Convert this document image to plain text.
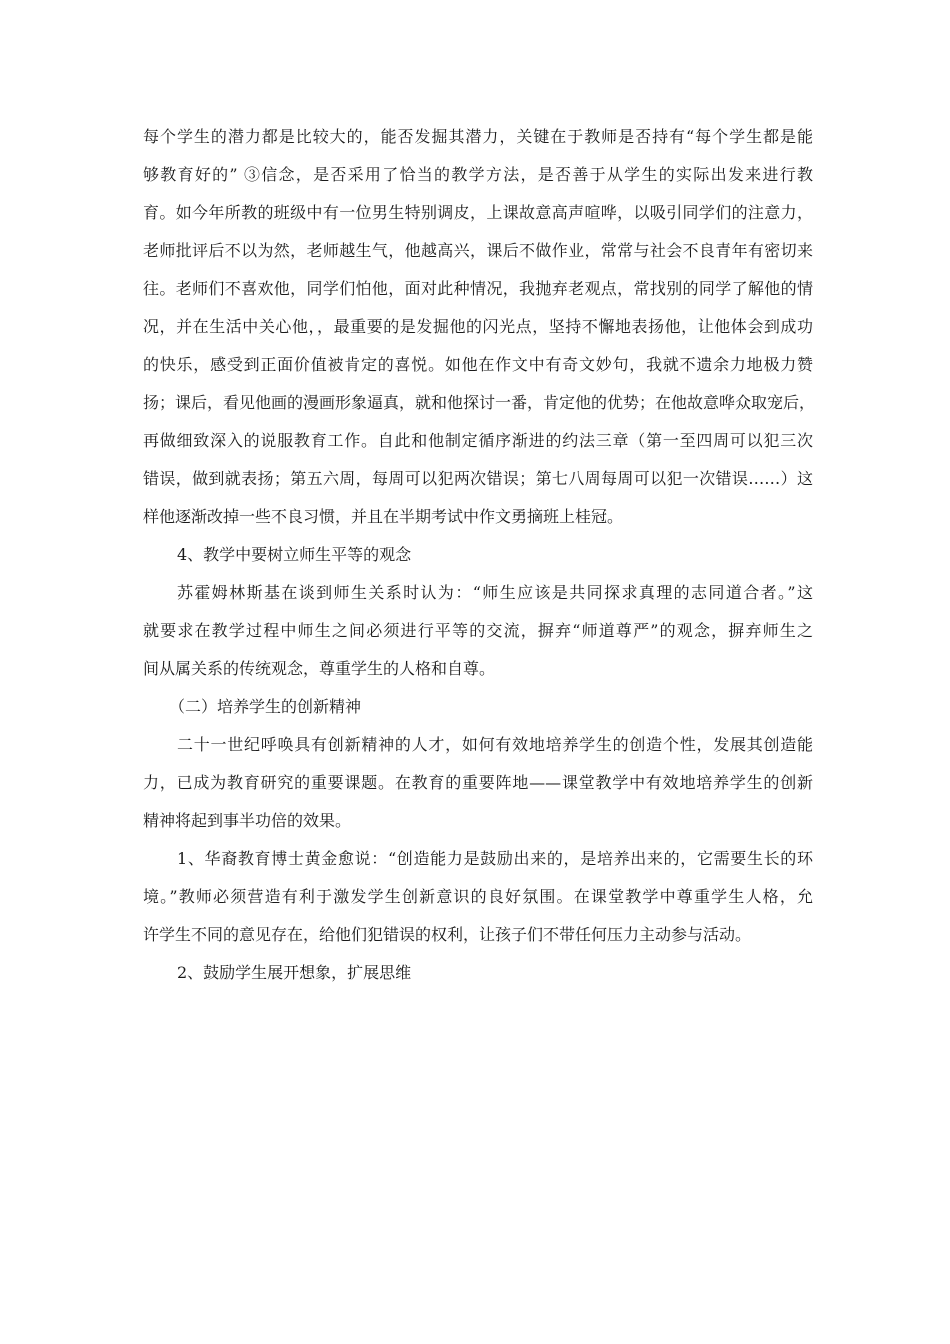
每个学生的潜力都是比较大的，能否发掘其潜力，关键在于教师是否持有“每个学生都是能
够教育好的” ③信念，是否采用了恰当的教学方法，是否善于从学生的实际出发来进行教
育。如今年所教的班级中有一位男生特别调皮，上课故意高声喧哗，以吸引同学们的注意力，
老师批评后不以为然，老师越生气，他越高兴，课后不做作业，常常与社会不良青年有密切来
往。老师们不喜欢他，同学们怕他，面对此种情况，我抛弃老观点，常找别的同学了解他的情
况，并在生活中关心他，，最重要的是发掘他的闪光点，坚持不懈地表扬他，让他体会到成功
的快乐，感受到正面价值被肯定的喜悦。如他在作文中有奇文妙句，我就不遗余力地极力赞
扬；课后，看见他画的漫画形象逼真，就和他探讨一番，肯定他的优势；在他故意哗众取宠后，
再做细致深入的说服教育工作。自此和他制定循序渐进的约法三章（第一至四周可以犯三次
错误，做到就表扬；第五六周，每周可以犯两次错误；第七八周每周可以犯一次错误……）这
样他逐渐改掉一些不良习惯，并且在半期考试中作文勇摘班上桂冠。
4、教学中要树立师生平等的观念
苏霍姆林斯基在谈到师生关系时认为：“师生应该是共同探求真理的志同道合者。”这
就要求在教学过程中师生之间必须进行平等的交流，摒弃“师道尊严”的观念，摒弃师生之
间从属关系的传统观念，尊重学生的人格和自尊。
（二）培养学生的创新精神
二十一世纪呼唤具有创新精神的人才，如何有效地培养学生的创造个性，发展其创造能
力，已成为教育研究的重要课题。在教育的重要阵地——课堂教学中有效地培养学生的创新
精神将起到事半功倍的效果。
1、华裔教育博士黄金愈说：“创造能力是鼓励出来的，是培养出来的，它需要生长的环
境。”教师必须营造有利于激发学生创新意识的良好氛围。在课堂教学中尊重学生人格，允
许学生不同的意见存在，给他们犯错误的权利，让孩子们不带任何压力主动参与活动。
2、鼓励学生展开想象，扩展思维
